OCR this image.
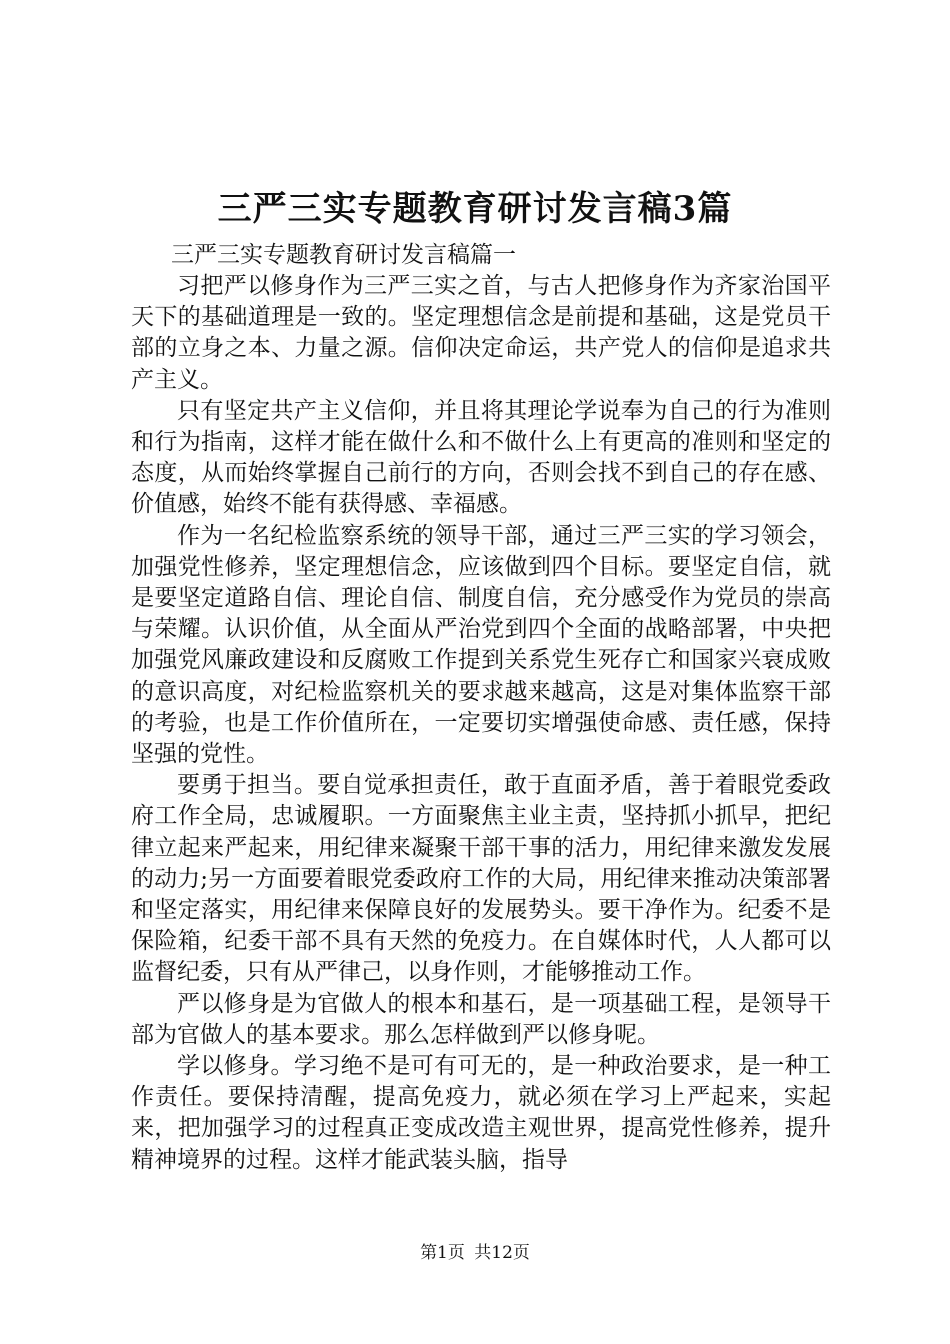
三严三实专题教育研讨发言稿3篇

三严三实专题教育研讨发言稿篇一

习把严以修身作为三严三实之首，与古人把修身作为齐家治国平天下的基础道理是一致的。坚定理想信念是前提和基础，这是党员干部的立身之本、力量之源。信仰决定命运，共产党人的信仰是追求共产主义。

只有坚定共产主义信仰，并且将其理论学说奉为自己的行为准则和行为指南，这样才能在做什么和不做什么上有更高的准则和坚定的态度，从而始终掌握自己前行的方向，否则会找不到自己的存在感、价值感，始终不能有获得感、幸福感。

作为一名纪检监察系统的领导干部，通过三严三实的学习领会，加强党性修养，坚定理想信念，应该做到四个目标。要坚定自信，就是要坚定道路自信、理论自信、制度自信，充分感受作为党员的崇高与荣耀。认识价值，从全面从严治党到四个全面的战略部署，中央把加强党风廉政建设和反腐败工作提到关系党生死存亡和国家兴衰成败的意识高度，对纪检监察机关的要求越来越高，这是对集体监察干部的考验，也是工作价值所在，一定要切实增强使命感、责任感，保持坚强的党性。

要勇于担当。要自觉承担责任，敢于直面矛盾，善于着眼党委政府工作全局，忠诚履职。一方面聚焦主业主责，坚持抓小抓早，把纪律立起来严起来，用纪律来凝聚干部干事的活力，用纪律来激发发展的动力;另一方面要着眼党委政府工作的大局，用纪律来推动决策部署和坚定落实，用纪律来保障良好的发展势头。要干净作为。纪委不是保险箱，纪委干部不具有天然的免疫力。在自媒体时代，人人都可以监督纪委，只有从严律己，以身作则，才能够推动工作。

严以修身是为官做人的根本和基石，是一项基础工程，是领导干部为官做人的基本要求。那么怎样做到严以修身呢。

学以修身。学习绝不是可有可无的，是一种政治要求，是一种工作责任。要保持清醒，提高免疫力，就必须在学习上严起来，实起来，把加强学习的过程真正变成改造主观世界，提高党性修养，提升精神境界的过程。这样才能武装头脑，指导

第1页 共12页
